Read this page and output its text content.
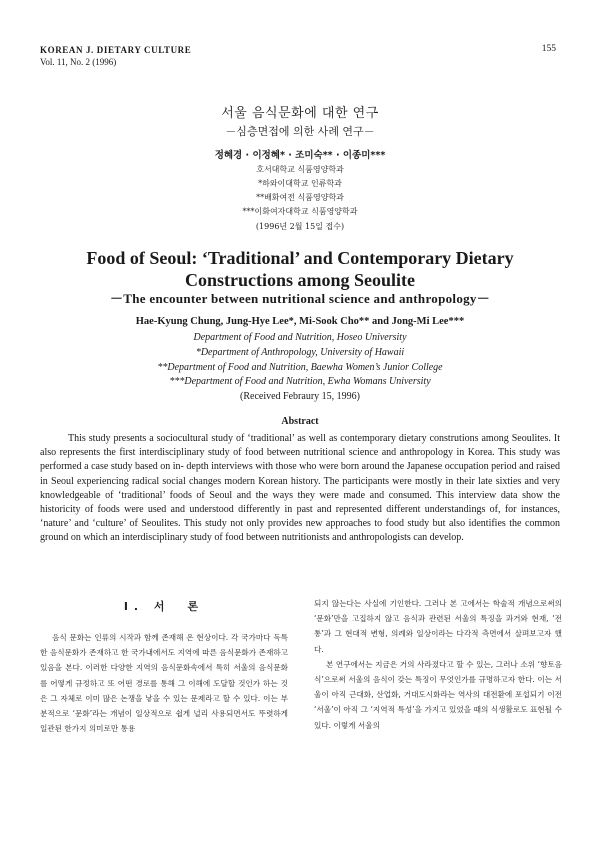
KOREAN J. DIETARY CULTURE
Vol. 11, No. 2 (1996)
155
서울 음식문화에 대한 연구
－심층면접에 의한 사례 연구－
정혜경 · 이정혜* · 조미숙** · 이종미***
호서대학교 식품영양학과
*하와이대학교 인류학과
**배화여전 식품영양학과
***이화여자대학교 식품영양학과
(1996년 2월 15일 접수)
Food of Seoul: ‘Traditional’ and Contemporary Dietary
Constructions among Seoulite
－The encounter between nutritional science and anthropology－
Hae-Kyung Chung, Jung-Hye Lee*, Mi-Sook Cho** and Jong-Mi Lee***
Department of Food and Nutrition, Hoseo University
*Department of Anthropology, University of Hawaii
**Department of Food and Nutrition, Baewha Women’s Junior College
***Department of Food and Nutrition, Ewha Womans University
(Received Febraury 15, 1996)
Abstract

This study presents a sociocultural study of ‘traditional’ as well as contemporary dietary construtions among Seoulites. It also represents the first interdisciplinary study of food between nutritional science and anthropology in Korea. This study was performed a case study based on in- depth interviews with those who were born around the Japanese occupation period and raised in Seoul experiencing radical social changes modern Korean history. The participants were mostly in their late sixties and very knowledgeable of ‘traditional’ foods of Seoul and the ways they were made and consumed. This interview data show the historicity of foods were used and understood differently in past and represented different understandings of, for instances, ‘nature’ and ‘culture’ of Seoulites. This study not only provides new approaches to food study but also identifies the common ground on which an interdisciplinary study of food between nutritionists and anthropologists can develop.

I. 서　론

음식 문화는 인류의 시작과 함께 존재해 온 현상이다. 각 국가마다 독특한 음식문화가 존재하고 한 국가내에서도 지역에 따른 음식문화가 존재하고 있음을 본다. 이러한 다양한 지역의 음식문화속에서 특히 서울의 음식문화를 어떻게 규정하고 또 어떤 경로를 통해 그 이해에 도달할 것인가 하는 것은 그 자체로 이미 많은 논쟁을 낳을 수 있는 문제라고 할 수 있다. 이는 부분적으로 ‘문화’라는 개념이 일상적으로 쉽게 널리 사용되면서도 뚜렷하게 일관된 한가지 의미로만 통용

되지 않는다는 사실에 기인한다. 그러나 본 고에서는 학술적 개념으로써의 ‘문화’만을 고집하지 않고 음식과 관련된 서울의 특징을 과거와 현재, ‘전통’과 그 현대적 변형, 의례와 일상이라는 다각적 측면에서 살펴보고자 했다.

본 연구에서는 지금은 거의 사라졌다고 할 수 있는, 그러나 소위 ‘향토음식’으로써 서울의 음식이 갖는 특징이 무엇인가를 규명하고자 한다. 이는 서울이 아직 근대화, 산업화, 거대도시화라는 역사의 대전환에 포섭되기 이전 ‘서울’이 아직 그 ‘지역적 특성’을 가지고 있었을 때의 식생활로도 표현될 수 있다. 이렇게 서울의
